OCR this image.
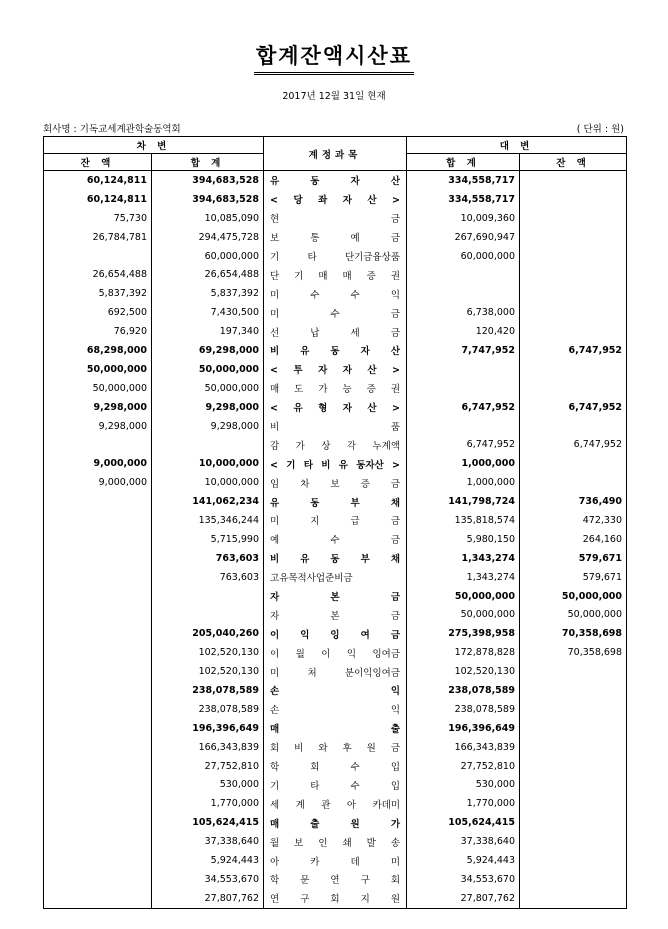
합계잔액시산표
2017년 12월 31일 현재
회사명 : 기독교세계관학술동역회	( 단위 : 원)
차 변		계정과목	대 변	
잔 액	합 계		합 계	잔 액
60,124,811	394,683,528	유 동 자 산	334,558,717	
60,124,811	394,683,528	< 당 좌 자 산 >	334,558,717	
75,730	10,085,090	현 금	10,009,360	
26,784,781	294,475,728	보 통 예 금	267,690,947	
	60,000,000	기 타 단기금융상품	60,000,000	
26,654,488	26,654,488	단 기 매 매 증 권		
5,837,392	5,837,392	미 수 수 익		
692,500	7,430,500	미 수 금	6,738,000	
76,920	197,340	선 납 세 금	120,420	
68,298,000	69,298,000	비 유 동 자 산	7,747,952	6,747,952
50,000,000	50,000,000	< 투 자 자 산 >		
50,000,000	50,000,000	매 도 가 능 증 권		
9,298,000	9,298,000	< 유 형 자 산 >	6,747,952	6,747,952
9,298,000	9,298,000	비 품		
		감 가 상 각 누계액	6,747,952	6,747,952
9,000,000	10,000,000	< 기 타 비 유 동자산 >	1,000,000	
9,000,000	10,000,000	임 차 보 증 금	1,000,000	
	141,062,234	유 동 부 채	141,798,724	736,490
	135,346,244	미 지 급 금	135,818,574	472,330
	5,715,990	예 수 금	5,980,150	264,160
	763,603	비 유 동 부 채	1,343,274	579,671
	763,603	고유목적사업준비금	1,343,274	579,671
		자 본 금	50,000,000	50,000,000
		자 본 금	50,000,000	50,000,000
	205,040,260	이 익 잉 여 금	275,398,958	70,358,698
	102,520,130	이 월 이 익 잉여금	172,878,828	70,358,698
	102,520,130	미 처 분이익잉여금	102,520,130	
	238,078,589	손 익	238,078,589	
	238,078,589	손 익	238,078,589	
	196,396,649	매 출	196,396,649	
	166,343,839	회 비 와 후 원 금	166,343,839	
	27,752,810	학 회 수 입	27,752,810	
	530,000	기 타 수 입	530,000	
	1,770,000	세 계 관 아 카데미	1,770,000	
	105,624,415	매 출 원 가	105,624,415	
	37,338,640	월 보 인 쇄 발 송	37,338,640	
	5,924,443	아 카 데 미	5,924,443	
	34,553,670	학 문 연 구 회	34,553,670	
	27,807,762	연 구 회 지 원	27,807,762	
